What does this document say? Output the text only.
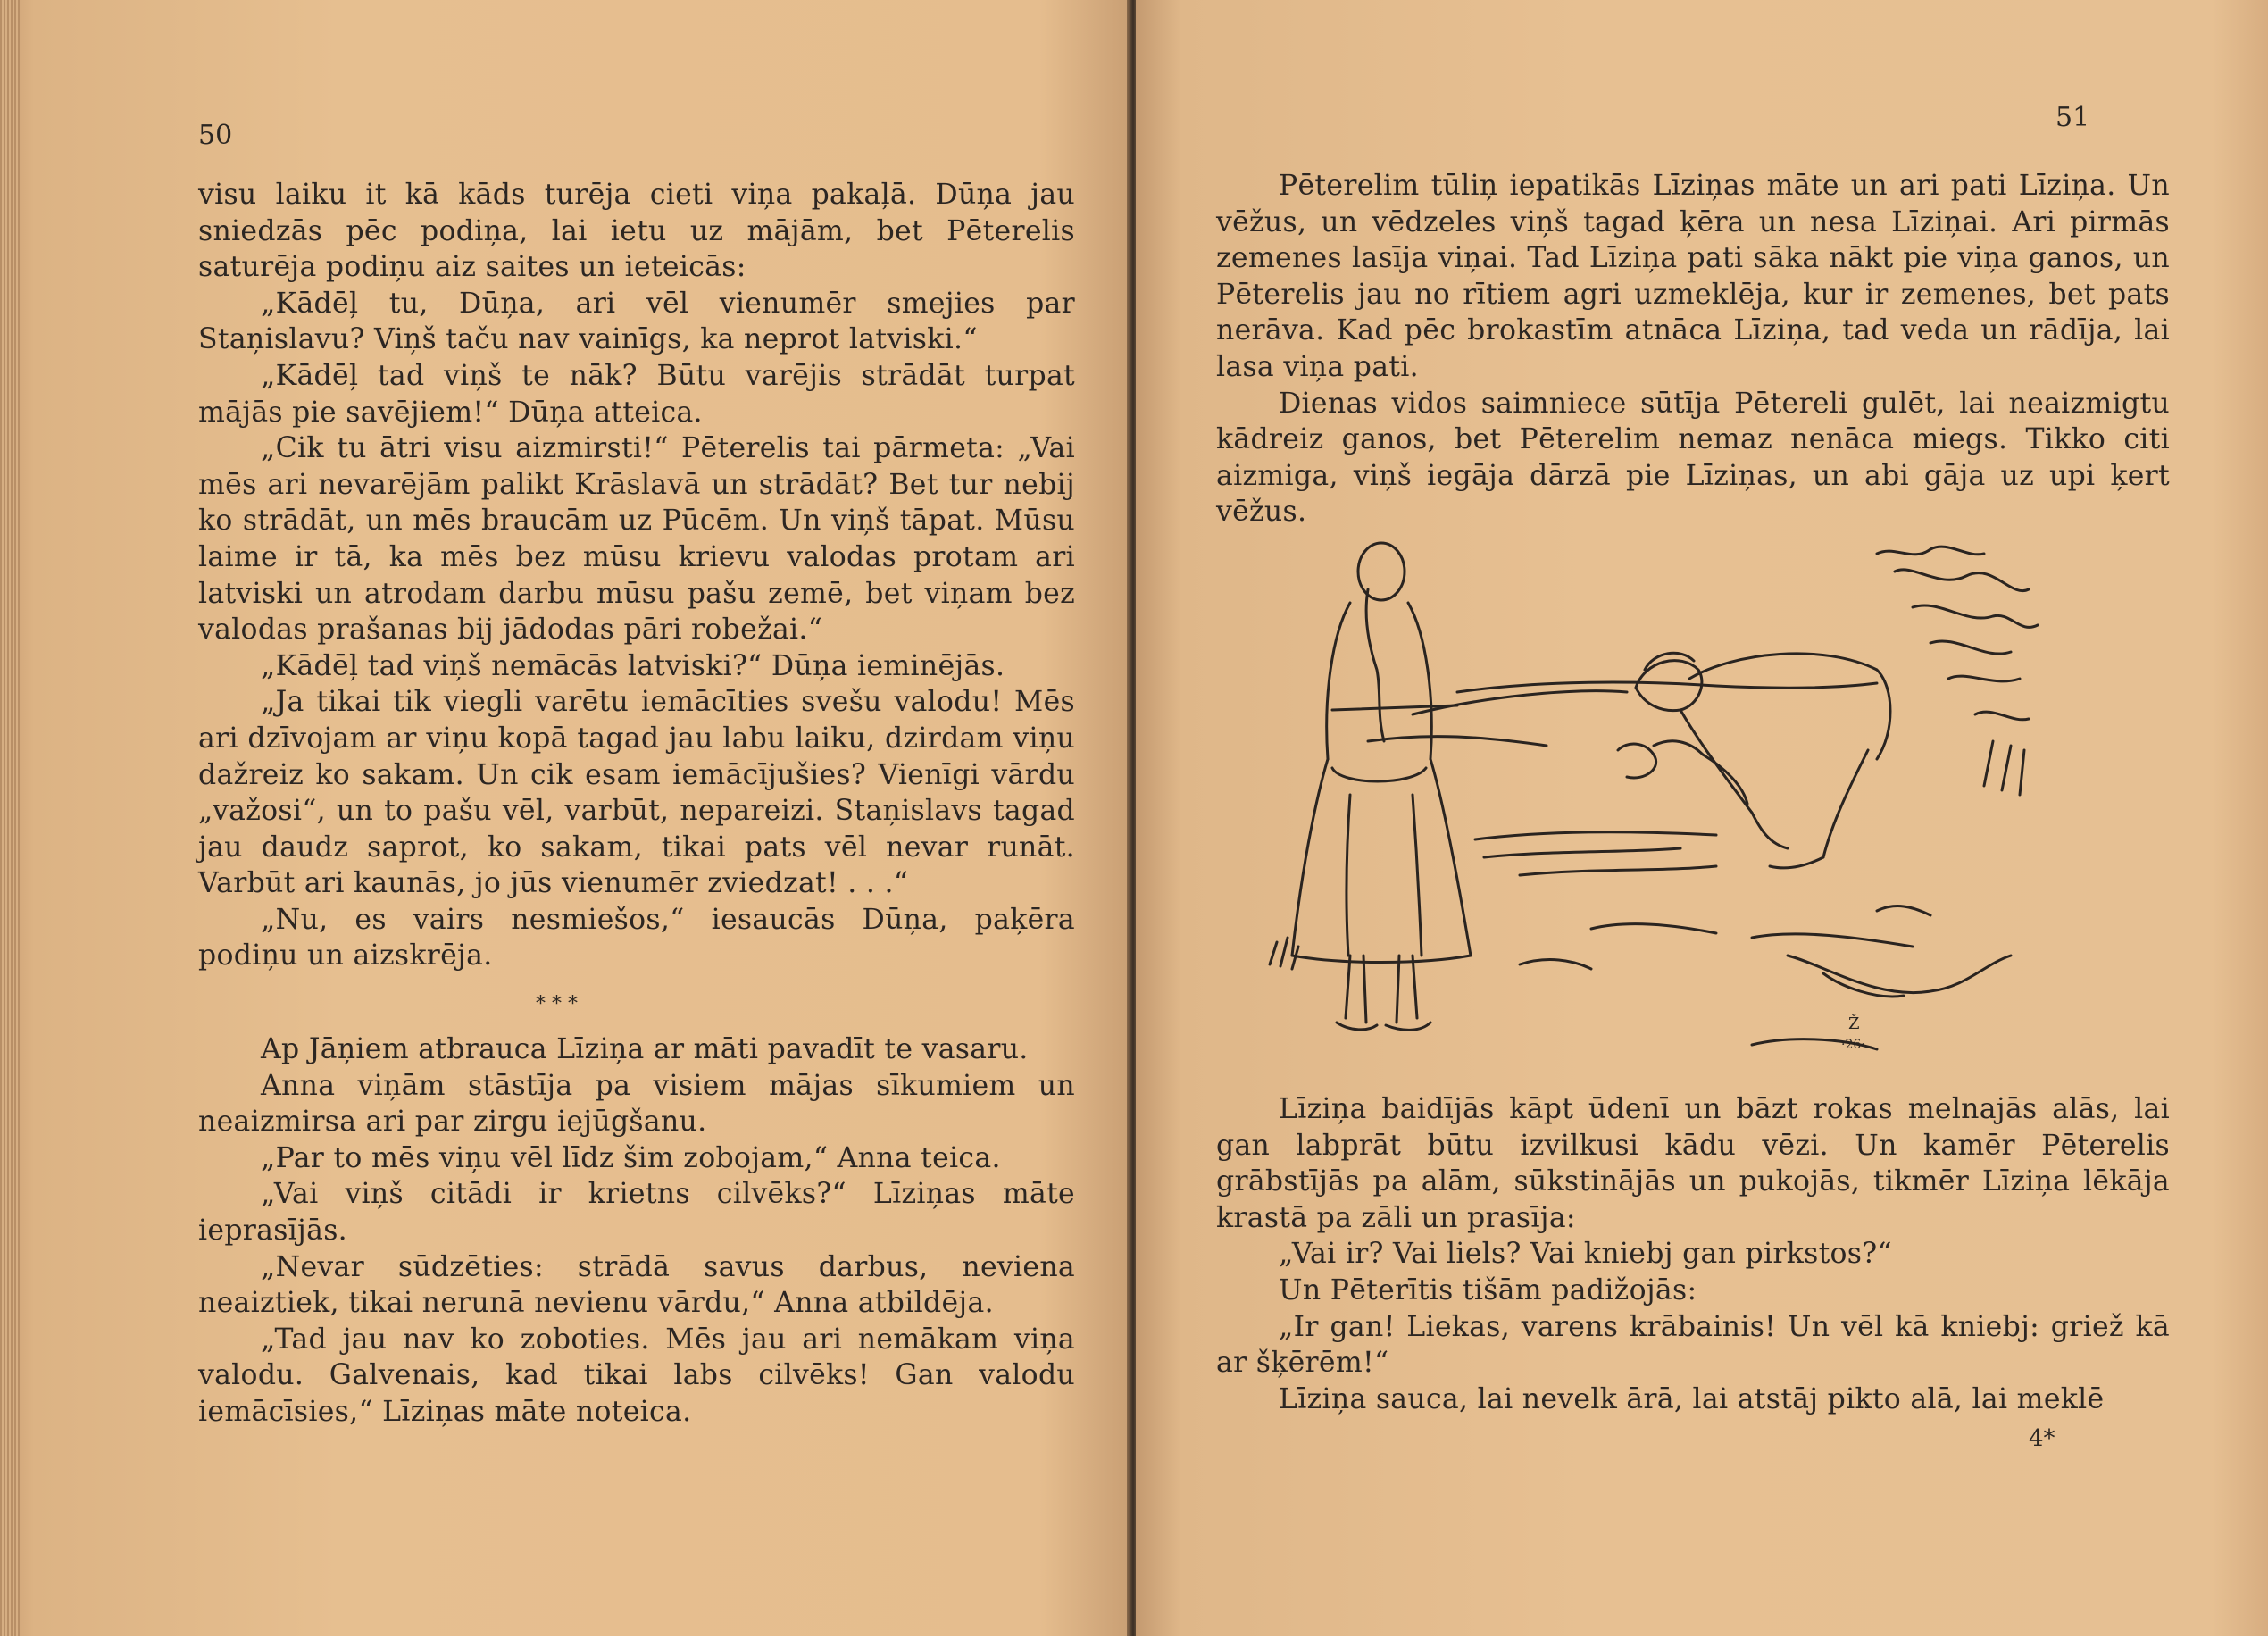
50

visu laiku it kā kāds turēja cieti viņa pakaļā. Dūņa jau sniedzās pēc podiņa, lai ietu uz mājām, bet Pēterelis saturēja podiņu aiz saites un ieteicās:

„Kādēļ tu, Dūņa, ari vēl vienumēr smejies par Staņislavu? Viņš taču nav vainīgs, ka neprot latviski.“

„Kādēļ tad viņš te nāk? Būtu varējis strādāt turpat mājās pie savējiem!“ Dūņa atteica.

„Cik tu ātri visu aizmirsti!“ Pēterelis tai pārmeta: „Vai mēs ari nevarējām palikt Krāslavā un strādāt? Bet tur nebij ko strādāt, un mēs braucām uz Pūcēm. Un viņš tāpat. Mūsu laime ir tā, ka mēs bez mūsu krievu valodas protam ari latviski un atrodam darbu mūsu pašu zemē, bet viņam bez valodas prašanas bij jādodas pāri robežai.“

„Kādēļ tad viņš nemācās latviski?“ Dūņa ieminējās.

„Ja tikai tik viegli varētu iemācīties svešu valodu! Mēs ari dzīvojam ar viņu kopā tagad jau labu laiku, dzirdam viņu dažreiz ko sakam. Un cik esam iemācījušies? Vienīgi vārdu „važosi“, un to pašu vēl, varbūt, nepareizi. Staņislavs tagad jau daudz saprot, ko sakam, tikai pats vēl nevar runāt. Varbūt ari kaunās, jo jūs vienumēr zviedzat! . . .“

„Nu, es vairs nesmiešos,“ iesaucās Dūņa, paķēra podiņu un aizskrēja.

* * *

Ap Jāņiem atbrauca Līziņa ar māti pavadīt te vasaru.

Anna viņām stāstīja pa visiem mājas sīkumiem un neaizmirsa ari par zirgu iejūgšanu.

„Par to mēs viņu vēl līdz šim zobojam,“ Anna teica.

„Vai viņš citādi ir krietns cilvēks?“ Līziņas māte ieprasījās.

„Nevar sūdzēties: strādā savus darbus, neviena neaiztiek, tikai nerunā nevienu vārdu,“ Anna atbildēja.

„Tad jau nav ko zoboties. Mēs jau ari nemākam viņa valodu. Galvenais, kad tikai labs cilvēks! Gan valodu iemācīsies,“ Līziņas māte noteica.

51

Pēterelim tūliņ iepatikās Līziņas māte un ari pati Līziņa. Un vēžus, un vēdzeles viņš tagad ķēra un nesa Līziņai. Ari pirmās zemenes lasīja viņai. Tad Līziņa pati sāka nākt pie viņa ganos, un Pēterelis jau no rītiem agri uzmeklēja, kur ir zemenes, bet pats nerāva. Kad pēc brokastīm atnāca Līziņa, tad veda un rādīja, lai lasa viņa pati.

Dienas vidos saimniece sūtīja Pētereli gulēt, lai neaizmigtu kādreiz ganos, bet Pēterelim nemaz nenāca miegs. Tikko citi aizmiga, viņš iegāja dārzā pie Līziņas, un abi gāja uz upi ķert vēžus.

Ž
·26·

Līziņa baidījās kāpt ūdenī un bāzt rokas melnajās alās, lai gan labprāt būtu izvilkusi kādu vēzi. Un kamēr Pēterelis grābstījās pa alām, sūkstinājās un pukojās, tikmēr Līziņa lēkāja krastā pa zāli un prasīja:

„Vai ir? Vai liels? Vai kniebj gan pirkstos?“

Un Pēterītis tišām padižojās:

„Ir gan! Liekas, varens krābainis! Un vēl kā kniebj: griež kā ar šķērēm!“

Līziņa sauca, lai nevelk ārā, lai atstāj pikto alā, lai meklē

4*
